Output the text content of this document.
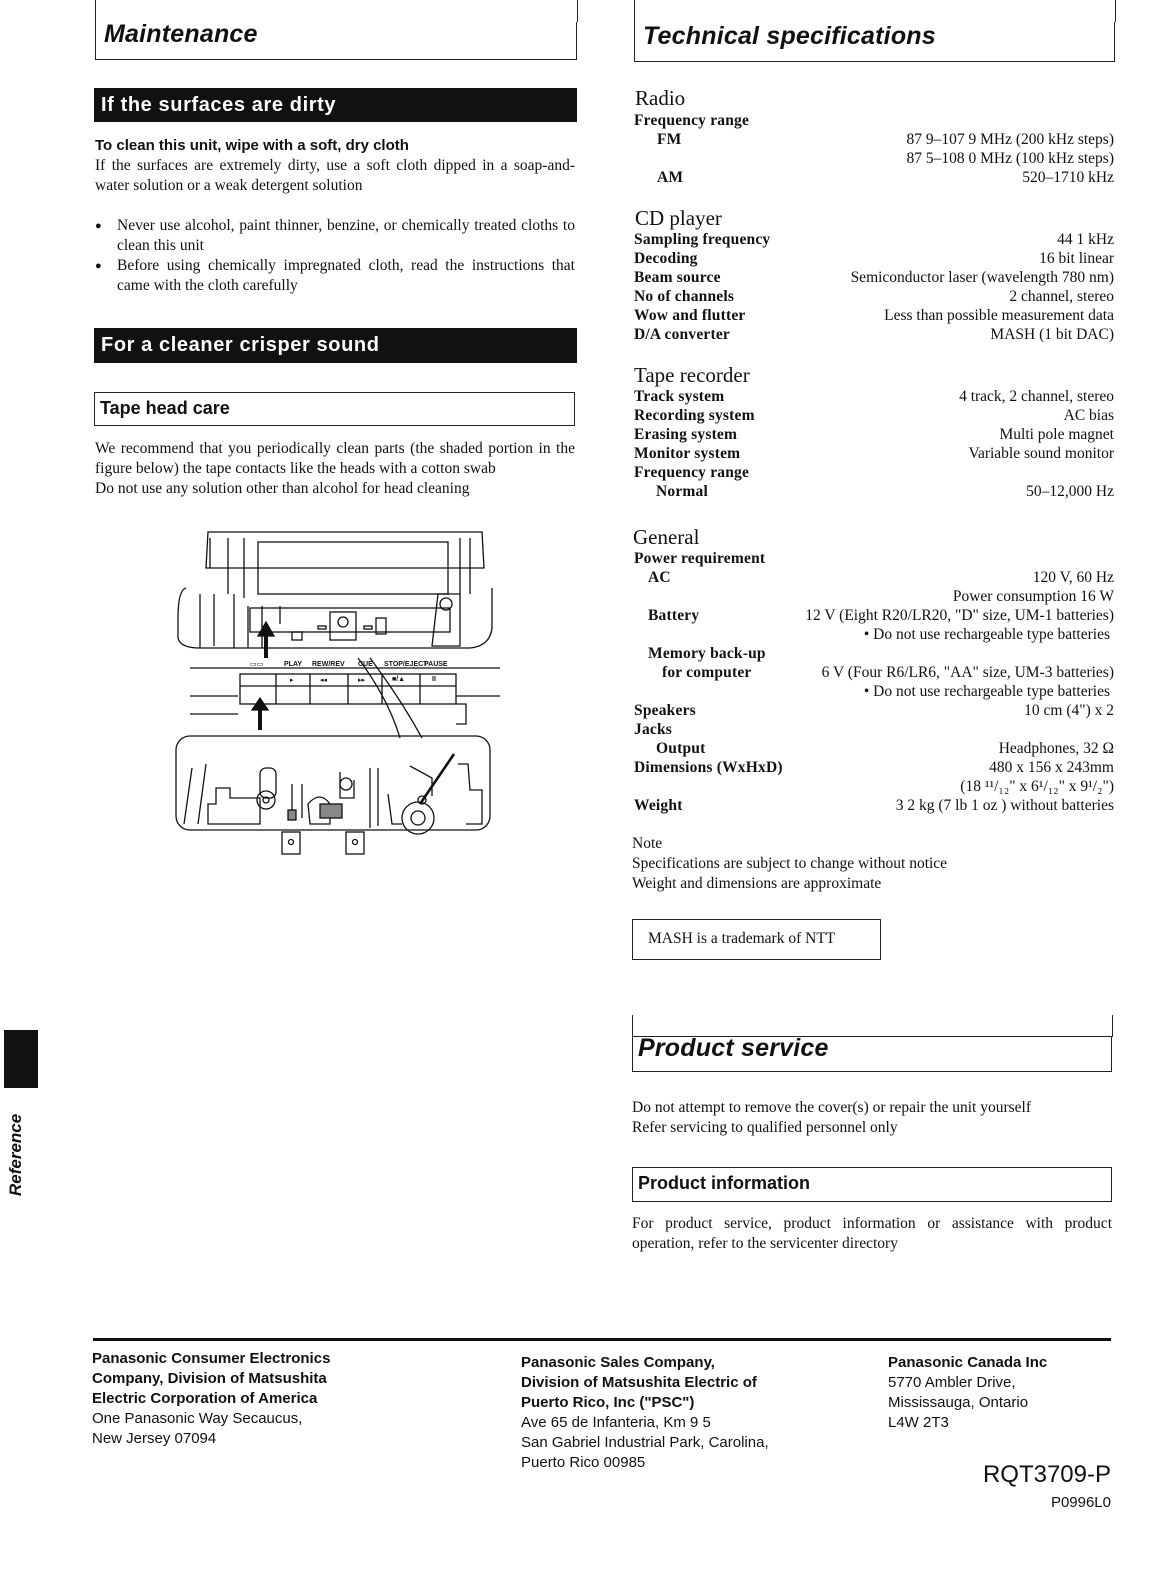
Maintenance
If the surfaces are dirty
To clean this unit, wipe with a soft, dry cloth

If the surfaces are extremely dirty, use a soft cloth dipped in a soap-and-water solution or a weak detergent solution

● Never use alcohol, paint thinner, benzine, or chemically treated cloths to clean this unit
● Before using chemically impregnated cloth, read the instructions that came with the cloth carefully
For a cleaner crisper sound
Tape head care

We recommend that you periodically clean parts (the shaded portion in the figure below) the tape contacts like the heads with a cotton swab

Do not use any solution other than alcohol for head cleaning

▭▭	PLAY REW/REV CUE STOP/EJECT
PAUSE
▸	◂◂	▸▸	■/▲	II
Technical specifications
Radio
Frequency range
FM	87 9–107 9 MHz (200 kHz steps)
87 5–108 0 MHz (100 kHz steps)
AM	520–1710 kHz
CD player
Sampling frequency	44 1 kHz
Decoding	16 bit linear
Beam source	Semiconductor laser (wavelength 780 nm)
No of channels	2 channel, stereo
Wow and flutter	Less than possible measurement data
D/A converter	MASH (1 bit DAC)
Tape recorder
Track system	4 track, 2 channel, stereo
Recording system	AC bias
Erasing system	Multi pole magnet
Monitor system	Variable sound monitor
Frequency range
Normal	50–12,000 Hz
General
Power requirement
AC	120 V, 60 Hz
Power consumption 16 W
Battery	12 V (Eight R20/LR20, "D" size, UM-1 batteries)
• Do not use rechargeable type batteries
Memory back-up
for computer	6 V (Four R6/LR6, "AA" size, UM-3 batteries)
• Do not use rechargeable type batteries
Speakers	10 cm (4") x 2
Jacks
Output	Headphones, 32 Ω
Dimensions (WxHxD)	480 x 156 x 243mm
(18 ¹¹/₁₂" x 6¹/₁₂" x 9¹/₂")
Weight	3 2 kg (7 lb 1 oz ) without batteries
Note
Specifications are subject to change without notice
Weight and dimensions are approximate
MASH is a trademark of NTT
Product service
Do not attempt to remove the cover(s) or repair the unit yourself
Refer servicing to qualified personnel only
Product information

For product service, product information or assistance with product operation, refer to the servicenter directory

Reference
Panasonic Consumer Electronics
Company, Division of Matsushita
Electric Corporation of America
One Panasonic Way Secaucus,
New Jersey 07094
Panasonic Sales Company,
Division of Matsushita Electric of
Puerto Rico, Inc ("PSC")
Ave 65 de Infanteria, Km 9 5
San Gabriel Industrial Park, Carolina,
Puerto Rico 00985
Panasonic Canada Inc
5770 Ambler Drive,
Mississauga, Ontario
L4W 2T3
RQT3709-P
P0996L0
